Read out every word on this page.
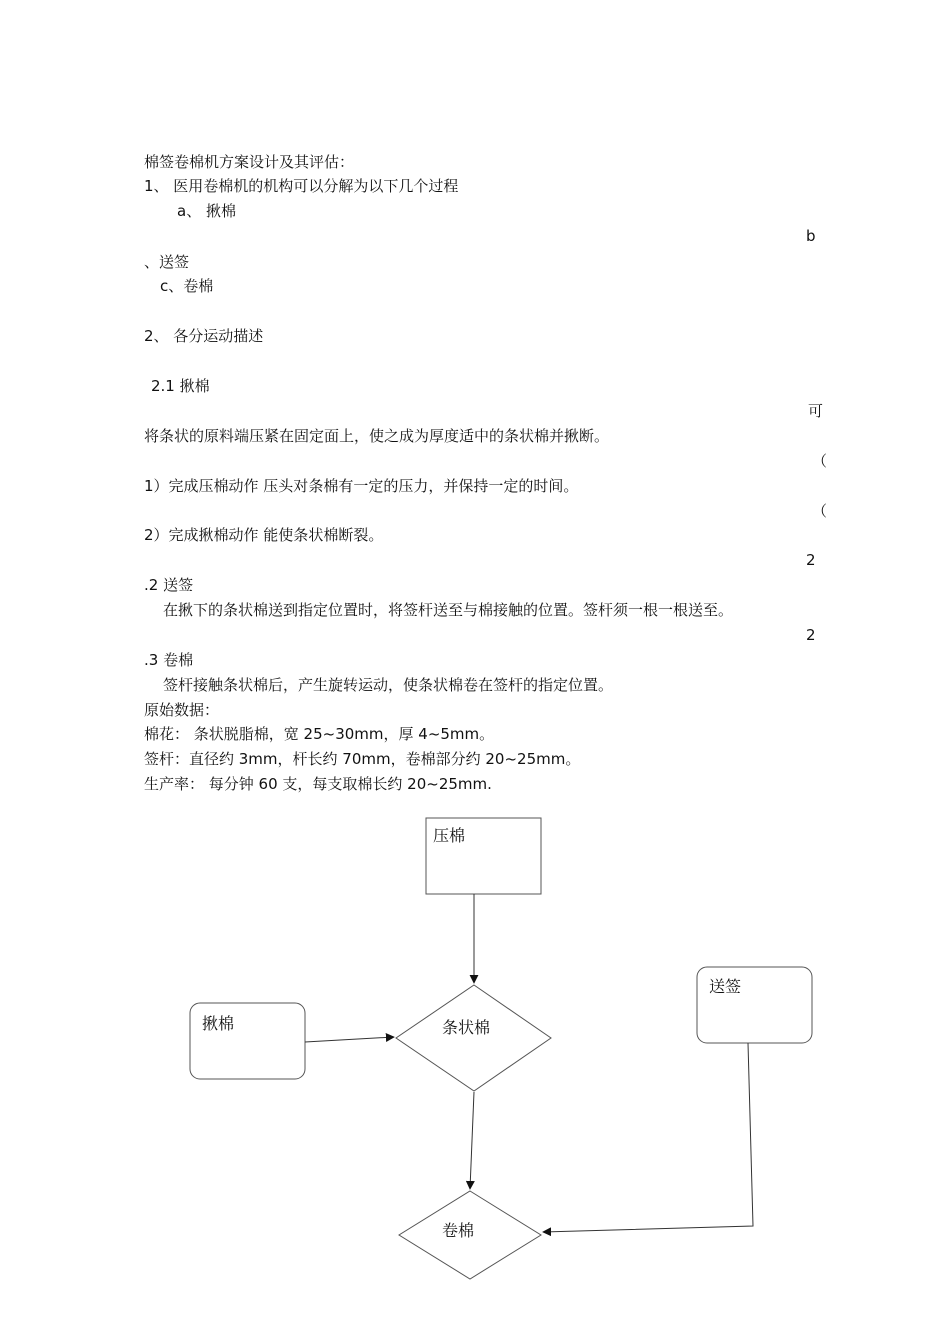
棉签卷棉机方案设计及其评估：
1、 医用卷棉机的机构可以分解为以下几个过程
a、 揪棉
b
、送签
c、卷棉
2、 各分运动描述
2.1 揪棉
可
将条状的原料端压紧在固定面上，使之成为厚度适中的条状棉并揪断。
（
1）完成压棉动作 压头对条棉有一定的压力，并保持一定的时间。
（
2）完成揪棉动作 能使条状棉断裂。
2
.2 送签
在揪下的条状棉送到指定位置时，将签杆送至与棉接触的位置。签杆须一根一根送至。
2
.3 卷棉
签杆接触条状棉后，产生旋转运动，使条状棉卷在签杆的指定位置。
原始数据：
棉花： 条状脱脂棉，宽 25~30mm，厚 4~5mm。
签杆：直径约 3mm，杆长约 70mm，卷棉部分约 20~25mm。
生产率： 每分钟 60 支，每支取棉长约 20~25mm.
压棉
揪棉
送签
条状棉
卷棉
